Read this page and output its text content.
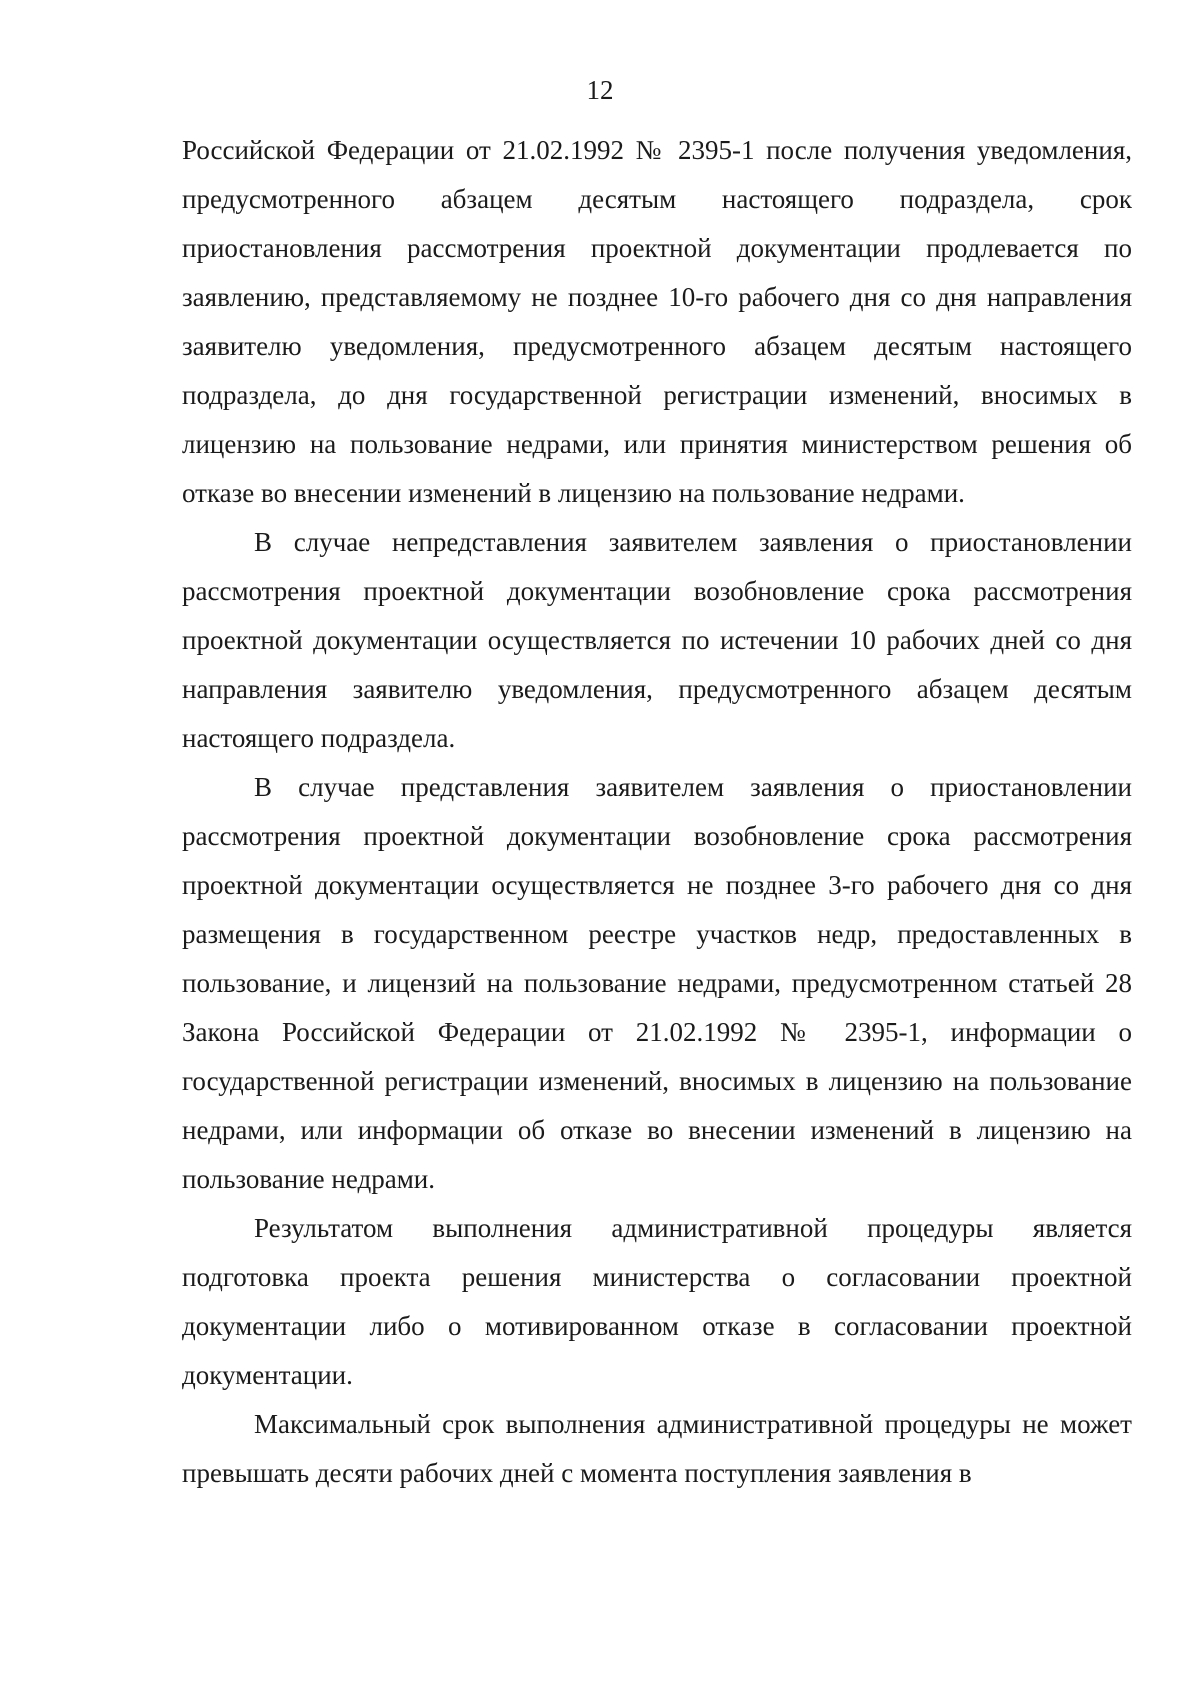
12

Российской Федерации от 21.02.1992 № 2395-1 после получения уведомления, предусмотренного абзацем десятым настоящего подраздела, срок приостановления рассмотрения проектной документации продлевается по заявлению, представляемому не позднее 10-го рабочего дня со дня направления заявителю уведомления, предусмотренного абзацем десятым настоящего подраздела, до дня государственной регистрации изменений, вносимых в лицензию на пользование недрами, или принятия министерством решения об отказе во внесении изменений в лицензию на пользование недрами.

В случае непредставления заявителем заявления о приостановлении рассмотрения проектной документации возобновление срока рассмотрения проектной документации осуществляется по истечении 10 рабочих дней со дня направления заявителю уведомления, предусмотренного абзацем десятым настоящего подраздела.

В случае представления заявителем заявления о приостановлении рассмотрения проектной документации возобновление срока рассмотрения проектной документации осуществляется не позднее 3-го рабочего дня со дня размещения в государственном реестре участков недр, предоставленных в пользование, и лицензий на пользование недрами, предусмотренном статьей 28 Закона Российской Федерации от 21.02.1992 № 2395-1, информации о государственной регистрации изменений, вносимых в лицензию на пользование недрами, или информации об отказе во внесении изменений в лицензию на пользование недрами.

Результатом выполнения административной процедуры является подготовка проекта решения министерства о согласовании проектной документации либо о мотивированном отказе в согласовании проектной документации.

Максимальный срок выполнения административной процедуры не может превышать десяти рабочих дней с момента поступления заявления в
